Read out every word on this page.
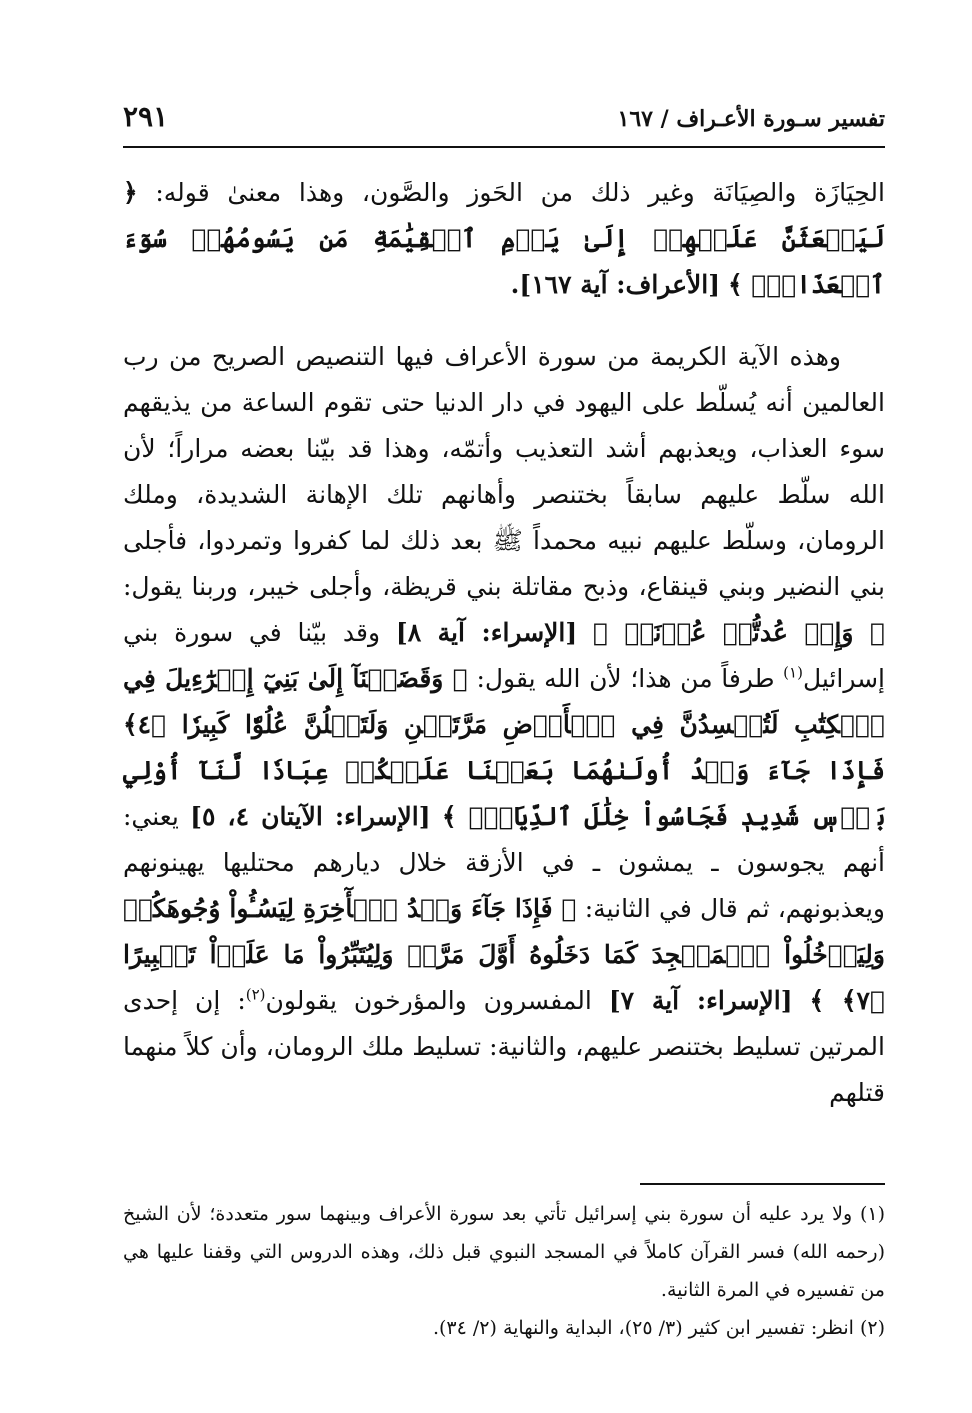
٢٩١	تفسير سـورة الأعـراف / ١٦٧

الحِيَازَة والصِيَانَة وغير ذلك من الحَوز والصَّون، وهذا معنىٰ قوله: ﴿ لَيَبۡعَثَنَّ عَلَيۡهِمۡ إِلَىٰ يَوۡمِ ٱلۡقِيَٰمَةِ مَن يَسُومُهُمۡ سُوٓءَ ٱلۡعَذَابِۗ ﴾ [الأعراف: آية ١٦٧].

وهذه الآية الكريمة من سورة الأعراف فيها التنصيص الصريح من رب العالمين أنه يُسلّط على اليهود في دار الدنيا حتى تقوم الساعة من يذيقهم سوء العذاب، ويعذبهم أشد التعذيب وأتمّه، وهذا قد بيّنا بعضه مراراً؛ لأن الله سلّط عليهم سابقاً بختنصر وأهانهم تلك الإهانة الشديدة، وملك الرومان، وسلّط عليهم نبيه محمداً ﷺ بعد ذلك لما كفروا وتمردوا، فأجلى بني النضير وبني قينقاع، وذبح مقاتلة بني قريظة، وأجلى خيبر، وربنا يقول: ﴿ وَإِنۡ عُدتُّمۡ عُدۡنَاۚ ﴾ [الإسراء: آية ٨] وقد بيّنا في سورة بني إسرائيل$^{(١)}$ طرفاً من هذا؛ لأن الله يقول: ﴿ وَقَضَيۡنَآ إِلَىٰ بَنِيٓ إِسۡرَٰٓءِيلَ فِي ٱلۡكِتَٰبِ لَتُفۡسِدُنَّ فِي ٱلۡأَرۡضِ مَرَّتَيۡنِ وَلَتَعۡلُنَّ عُلُوّٗا كَبِيرٗا ﴿٤﴾ فَإِذَا جَآءَ وَعۡدُ أُولَىٰهُمَا بَعَثۡنَا عَلَيۡكُمۡ عِبَادٗا لَّنَآ أُوْلِي بَأۡسٖ شَدِيدٖ فَجَاسُواْ خِلَٰلَ ٱلدِّيَارِۚ ﴾ [الإسراء: الآيتان ٤، ٥] يعني: أنهم يجوسون ـ يمشون ـ في الأزقة خلال ديارهم محتليها يهينونهم ويعذبونهم، ثم قال في الثانية: ﴿ فَإِذَا جَآءَ وَعۡدُ ٱلۡأٓخِرَةِ لِيَسُـُٔواْ وُجُوهَكُمۡ وَلِيَدۡخُلُواْ ٱلۡمَسۡجِدَ كَمَا دَخَلُوهُ أَوَّلَ مَرَّةٖ وَلِيُتَبِّرُواْ مَا عَلَوۡاْ تَتۡبِيرًا ﴿٧﴾ ﴾ [الإسراء: آية ٧] المفسرون والمؤرخون يقولون$^{(٢)}$: إن إحدى المرتين تسليط بختنصر عليهم، والثانية: تسليط ملك الرومان، وأن كلاً منهما قتلهم

(١) ولا يرد عليه أن سورة بني إسرائيل تأتي بعد سورة الأعراف وبينهما سور متعددة؛ لأن الشيخ (رحمه الله) فسر القرآن كاملاً في المسجد النبوي قبل ذلك، وهذه الدروس التي وقفنا عليها هي من تفسيره في المرة الثانية.

(٢) انظر: تفسير ابن كثير (٣/ ٢٥)، البداية والنهاية (٢/ ٣٤).
